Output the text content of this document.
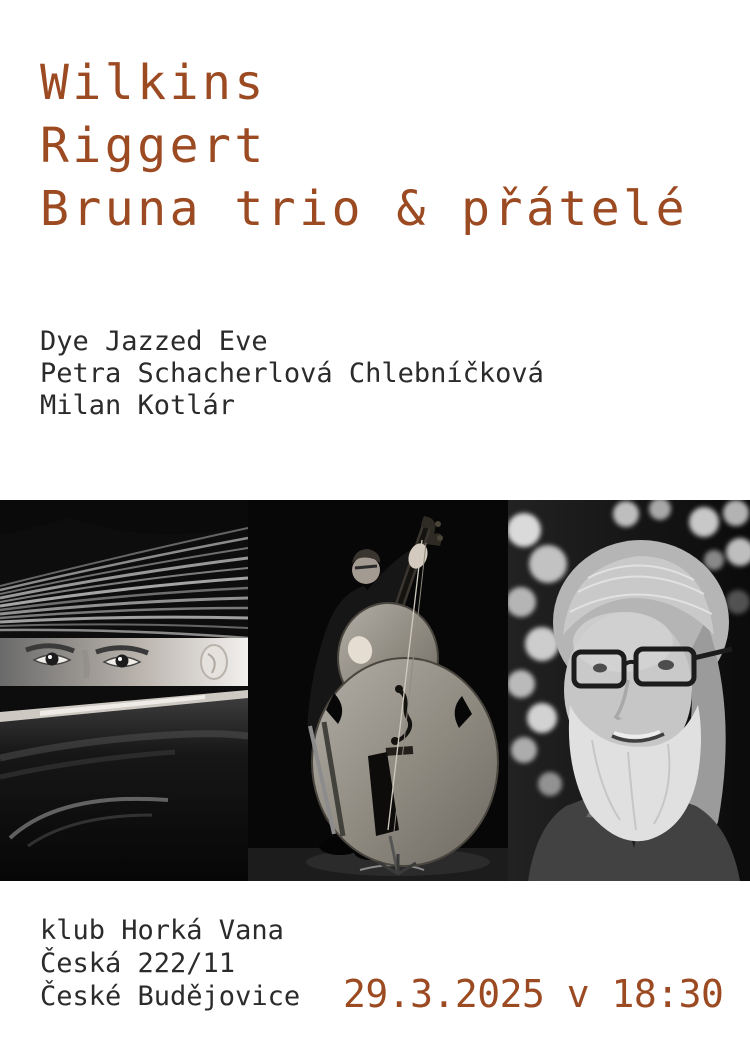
Wilkins
Riggert
Bruna trio & přátelé
Dye Jazzed Eve
Petra Schacherlová Chlebníčková
Milan Kotlár
klub Horká Vana
Česká 222/11
České Budějovice 29.3.2025 v 18:30
